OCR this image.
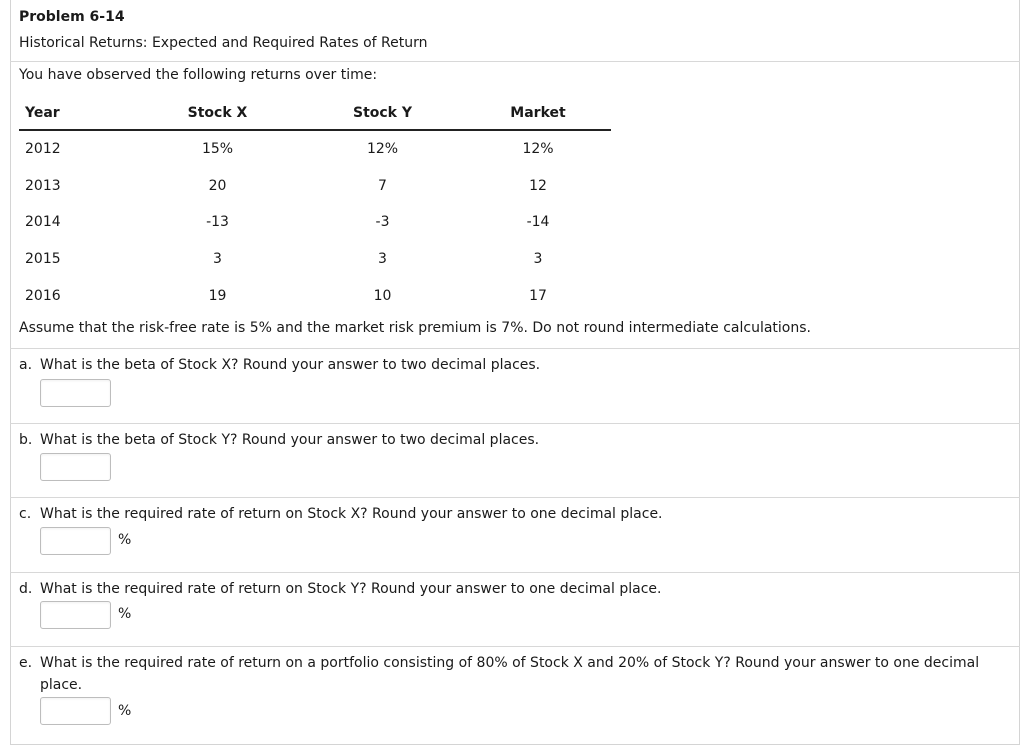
Problem 6-14
Historical Returns: Expected and Required Rates of Return
You have observed the following returns over time:
Year	Stock X	Stock Y	Market
2012	15%	12%	12%
2013	20	7	12
2014	-13	-3	-14
2015	3	3	3
2016	19	10	17
Assume that the risk-free rate is 5% and the market risk premium is 7%. Do not round intermediate calculations.
a. What is the beta of Stock X? Round your answer to two decimal places.
b. What is the beta of Stock Y? Round your answer to two decimal places.
c. What is the required rate of return on Stock X? Round your answer to one decimal place.
%
d. What is the required rate of return on Stock Y? Round your answer to one decimal place.
%
e. What is the required rate of return on a portfolio consisting of 80% of Stock X and 20% of Stock Y? Round your answer to one decimal place.
%
